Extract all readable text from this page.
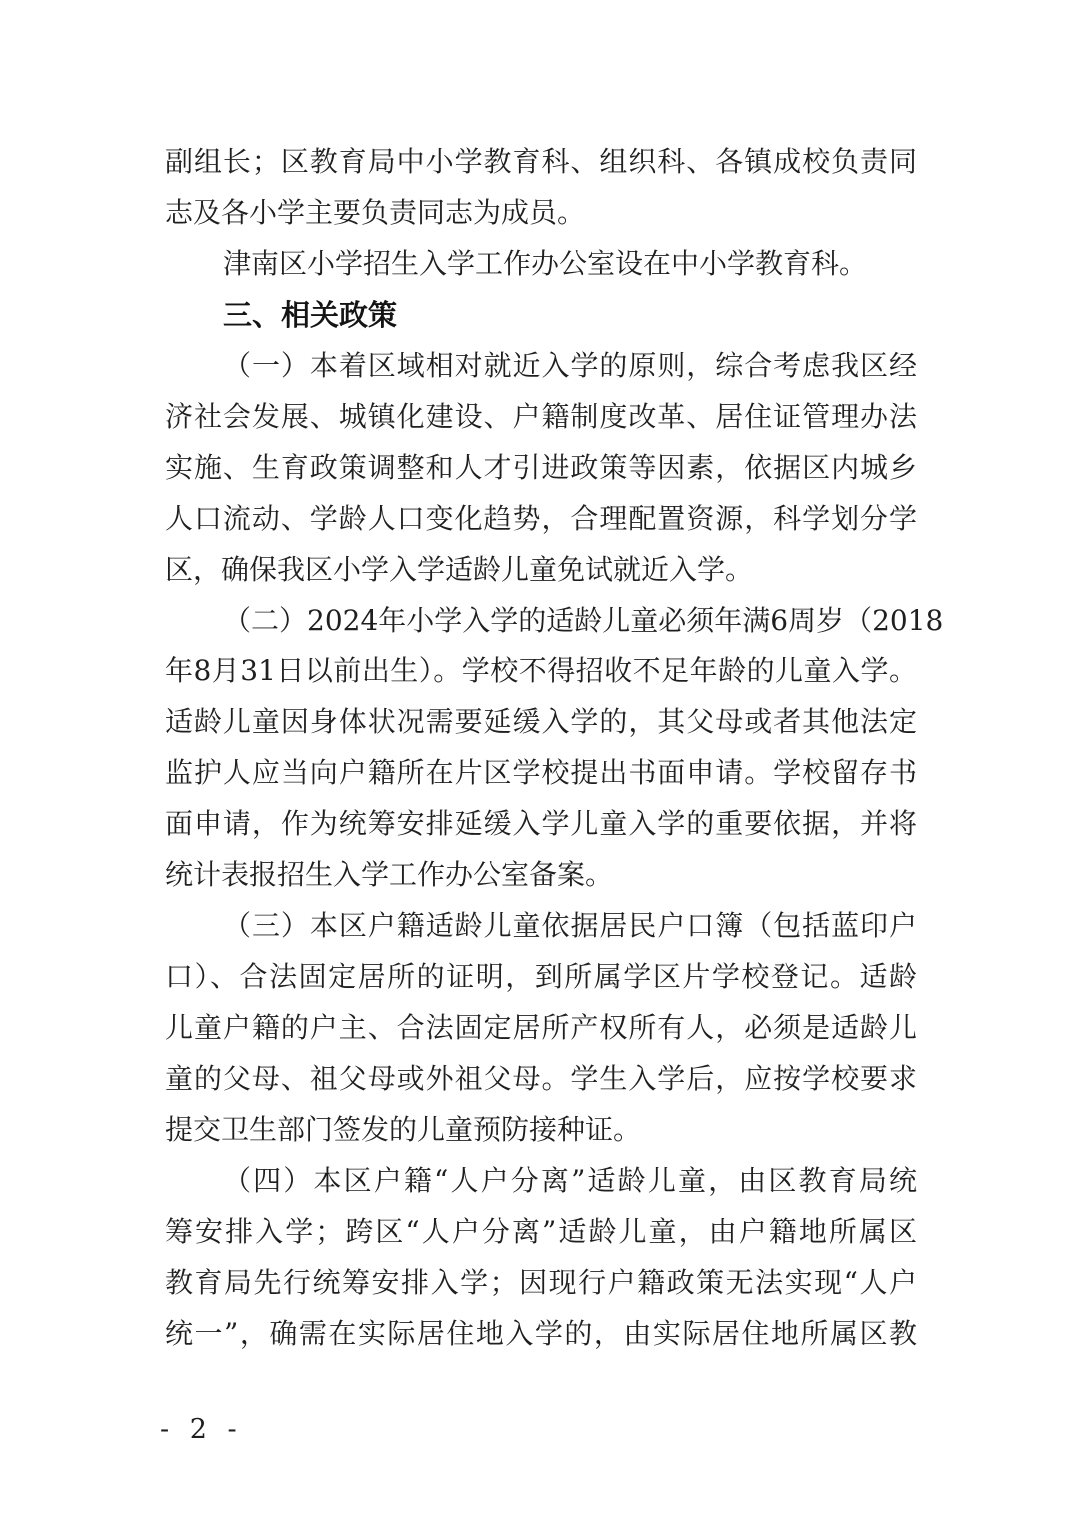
副组长；区教育局中小学教育科、组织科、各镇成校负责同
志及各小学主要负责同志为成员。
津南区小学招生入学工作办公室设在中小学教育科。
三、相关政策
（一）本着区域相对就近入学的原则，综合考虑我区经
济社会发展、城镇化建设、户籍制度改革、居住证管理办法
实施、生育政策调整和人才引进政策等因素，依据区内城乡
人口流动、学龄人口变化趋势，合理配置资源，科学划分学
区，确保我区小学入学适龄儿童免试就近入学。
（二）2024年小学入学的适龄儿童必须年满6周岁（2018
年8月31日以前出生）。学校不得招收不足年龄的儿童入学。
适龄儿童因身体状况需要延缓入学的，其父母或者其他法定
监护人应当向户籍所在片区学校提出书面申请。学校留存书
面申请，作为统筹安排延缓入学儿童入学的重要依据，并将
统计表报招生入学工作办公室备案。
（三）本区户籍适龄儿童依据居民户口簿（包括蓝印户
口）、合法固定居所的证明，到所属学区片学校登记。适龄
儿童户籍的户主、合法固定居所产权所有人，必须是适龄儿
童的父母、祖父母或外祖父母。学生入学后，应按学校要求
提交卫生部门签发的儿童预防接种证。
（四）本区户籍“人户分离”适龄儿童，由区教育局统
筹安排入学；跨区“人户分离”适龄儿童，由户籍地所属区
教育局先行统筹安排入学；因现行户籍政策无法实现“人户
统一”，确需在实际居住地入学的，由实际居住地所属区教
- 2 -
